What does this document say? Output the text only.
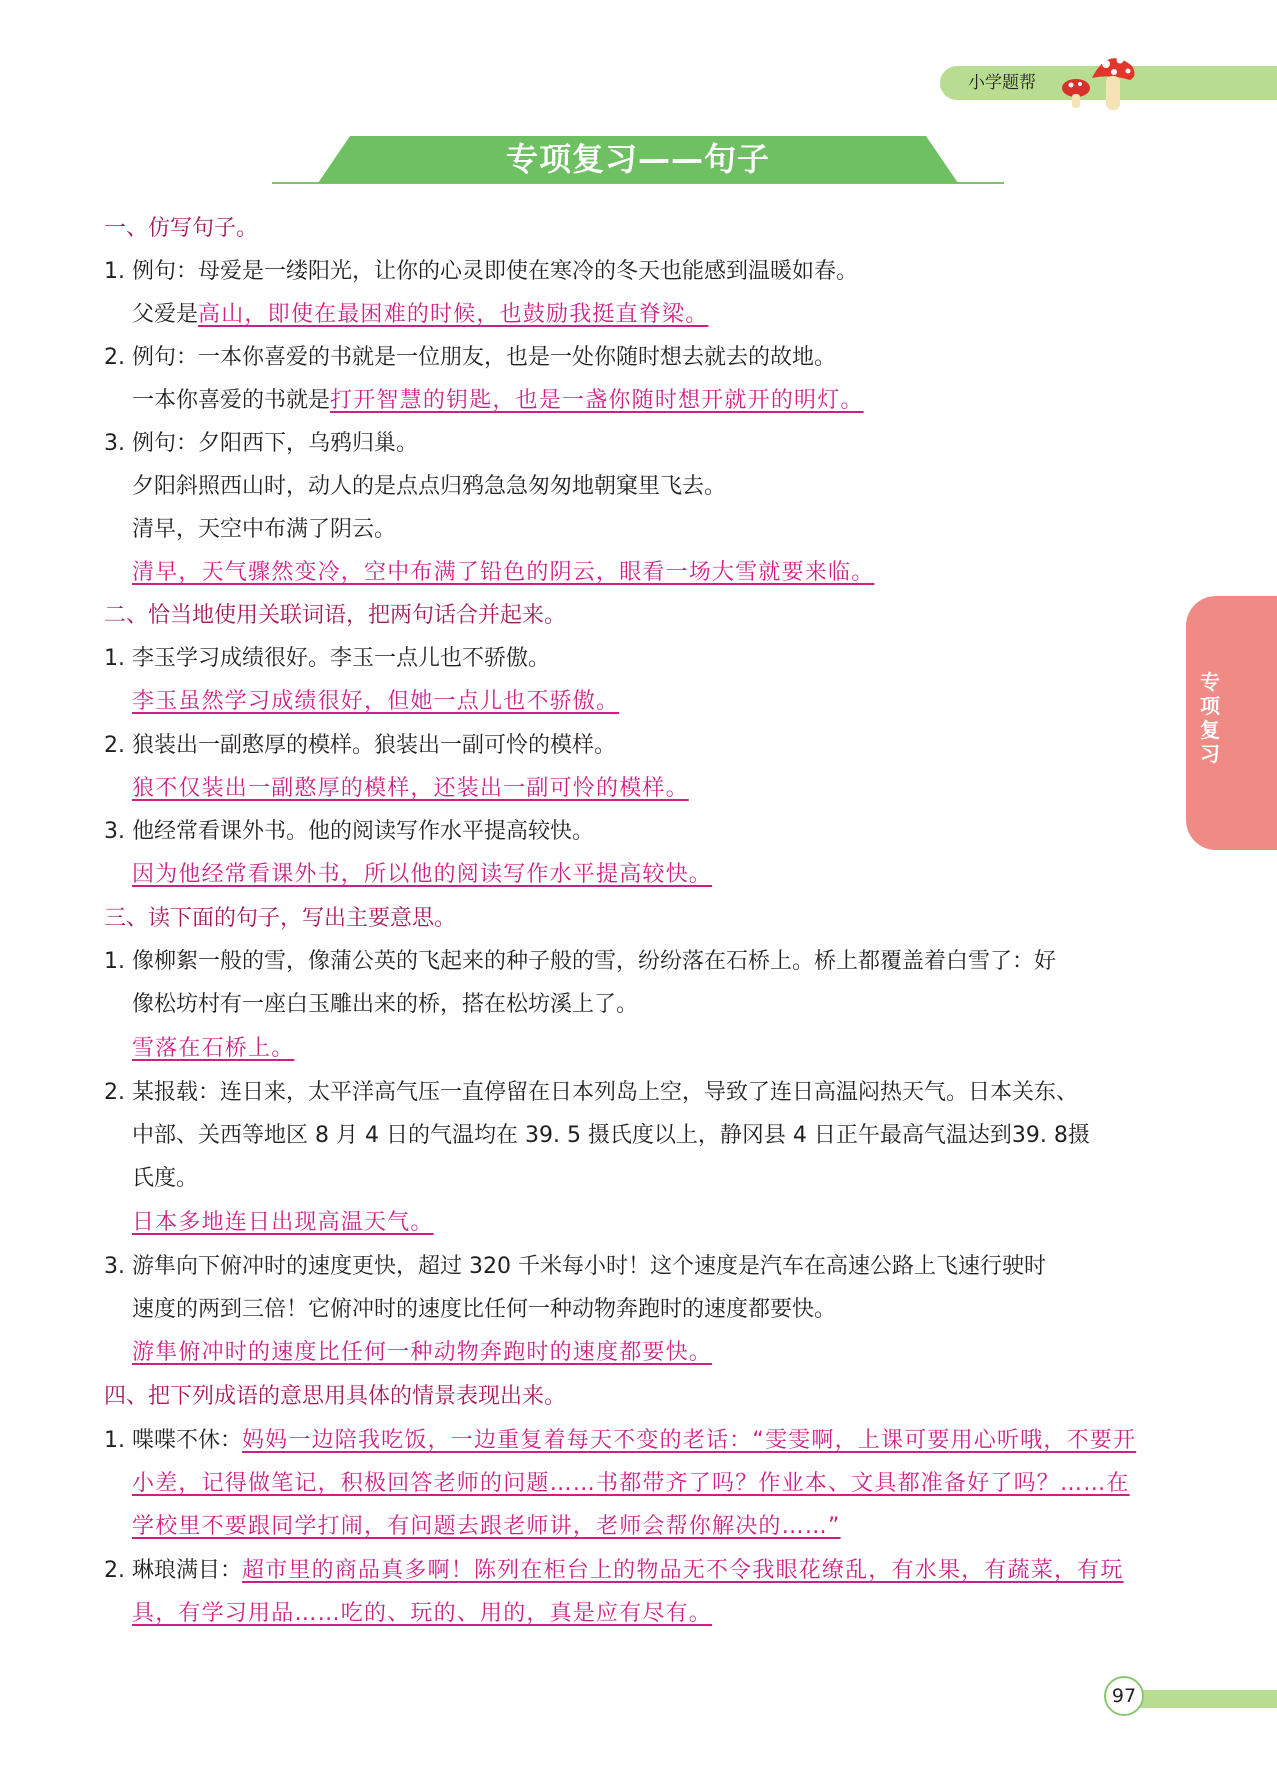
小学题帮
专项复习——句子
专项复习
97
一、仿写句子。
1. 例句：母爱是一缕阳光，让你的心灵即使在寒冷的冬天也能感到温暖如春。
父爱是高山，即使在最困难的时候，也鼓励我挺直脊梁。
2. 例句：一本你喜爱的书就是一位朋友，也是一处你随时想去就去的故地。
一本你喜爱的书就是打开智慧的钥匙，也是一盏你随时想开就开的明灯。
3. 例句：夕阳西下，乌鸦归巢。
夕阳斜照西山时，动人的是点点归鸦急急匆匆地朝窠里飞去。
清早，天空中布满了阴云。
清早，天气骤然变冷，空中布满了铅色的阴云，眼看一场大雪就要来临。
二、恰当地使用关联词语，把两句话合并起来。
1. 李玉学习成绩很好。李玉一点儿也不骄傲。
李玉虽然学习成绩很好，但她一点儿也不骄傲。
2. 狼装出一副憨厚的模样。狼装出一副可怜的模样。
狼不仅装出一副憨厚的模样，还装出一副可怜的模样。
3. 他经常看课外书。他的阅读写作水平提高较快。
因为他经常看课外书，所以他的阅读写作水平提高较快。
三、读下面的句子，写出主要意思。
1. 像柳絮一般的雪，像蒲公英的飞起来的种子般的雪，纷纷落在石桥上。桥上都覆盖着白雪了：好
像松坊村有一座白玉雕出来的桥，搭在松坊溪上了。
雪落在石桥上。
2. 某报载：连日来，太平洋高气压一直停留在日本列岛上空，导致了连日高温闷热天气。日本关东、
中部、关西等地区 8 月 4 日的气温均在 39. 5 摄氏度以上，静冈县 4 日正午最高气温达到39. 8摄
氏度。
日本多地连日出现高温天气。
3. 游隼向下俯冲时的速度更快，超过 320 千米每小时！这个速度是汽车在高速公路上飞速行驶时
速度的两到三倍！它俯冲时的速度比任何一种动物奔跑时的速度都要快。
游隼俯冲时的速度比任何一种动物奔跑时的速度都要快。
四、把下列成语的意思用具体的情景表现出来。
1. 喋喋不休：妈妈一边陪我吃饭，一边重复着每天不变的老话：“雯雯啊，上课可要用心听哦，不要开
小差，记得做笔记，积极回答老师的问题……书都带齐了吗？作业本、文具都准备好了吗？……在
学校里不要跟同学打闹，有问题去跟老师讲，老师会帮你解决的……”
2. 琳琅满目：超市里的商品真多啊！陈列在柜台上的物品无不令我眼花缭乱，有水果，有蔬菜，有玩
具，有学习用品……吃的、玩的、用的，真是应有尽有。
